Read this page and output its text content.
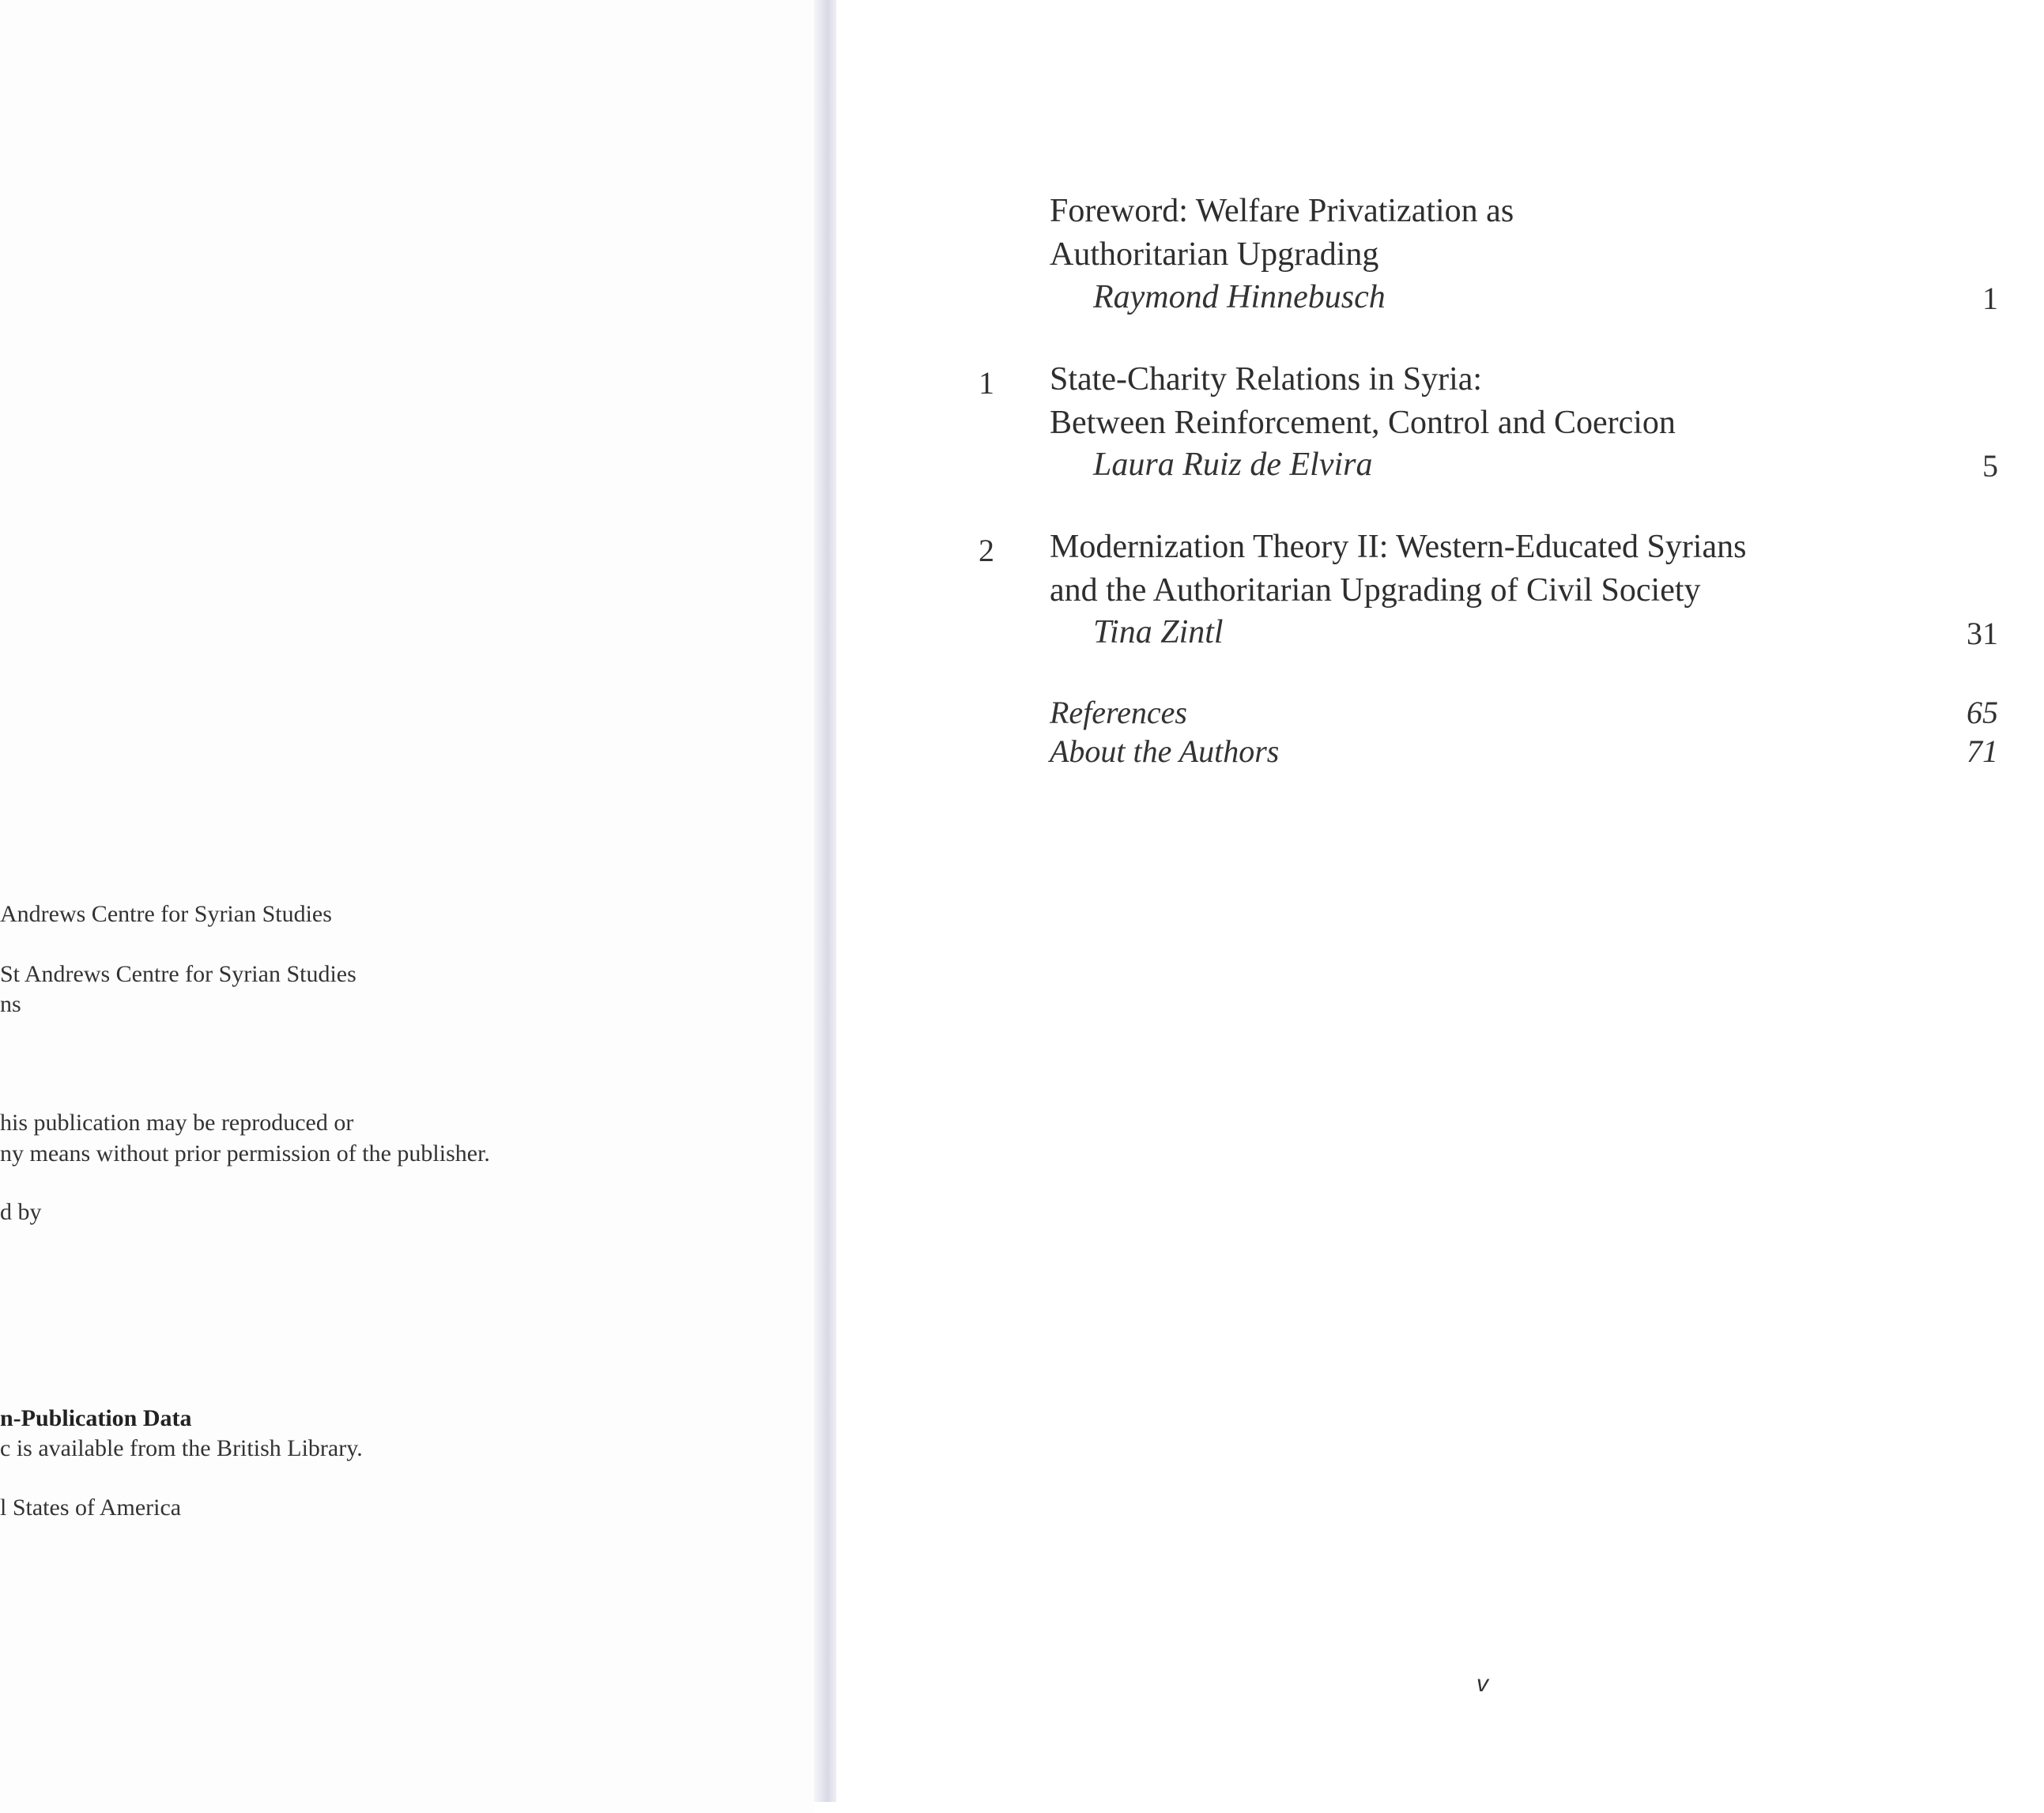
Andrews Centre for Syrian Studies
St Andrews Centre for Syrian Studies
ns
his publication may be reproduced or
ny means without prior permission of the publisher.
d by
n-Publication Data
c is available from the British Library.
l States of America
Foreword: Welfare Privatization as
Authoritarian Upgrading
Raymond Hinnebusch	1
1 State-Charity Relations in Syria:
Between Reinforcement, Control and Coercion
Laura Ruiz de Elvira	5
2 Modernization Theory II: Western-Educated Syrians
and the Authoritarian Upgrading of Civil Society
Tina Zintl	31
References	65
About the Authors	71
v
